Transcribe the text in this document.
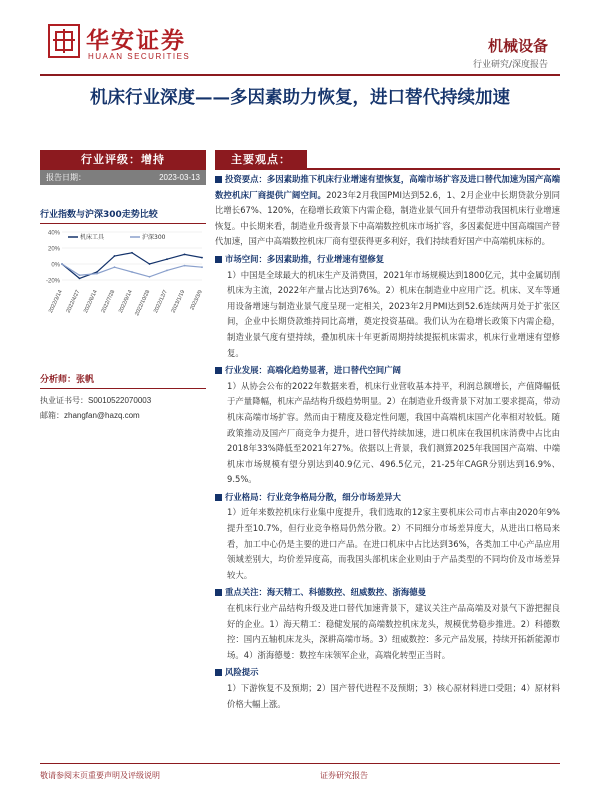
华安证券
HUAAN SECURITIES
机械设备
行业研究/深度报告
机床行业深度——多因素助力恢复，进口替代持续加速
行业评级：增持
报告日期：	2023-03-13
行业指数与沪深300走势比较
40%
20%
0%
-20%
机床工具	沪深300
2022/3/14 2022/4/27 2022/6/14 2022/7/28 2022/9/14 2022/10/28 2022/12/7 2023/1/19 2023/3/9
分析师：张帆
执业证书号：S0010522070003
邮箱：zhangfan@hazq.com
主要观点：
投资要点：多因素助推下机床行业增速有望恢复，高端市场扩容及进口替代加速为国产高端数控机床厂商提供广阔空间。2023年2月我国PMI达到52.6，1、2月企业中长期贷款分别同比增长67%、120%，在稳增长政策下内需企稳，制造业景气回升有望带动我国机床行业增速恢复。中长期来看，制造业升级背景下中高端数控机床市场扩容，多因素促进中国高端国产替代加速，国产中高端数控机床厂商有望获得更多利好，我们持续看好国产中高端机床标的。
市场空间：多因素助推，行业增速有望修复
1）中国是全球最大的机床生产及消费国，2021年市场规模达到1800亿元，其中金属切削机床为主流，2022年产量占比达到76%。2）机床在制造业中应用广泛。机床、叉车等通用设备增速与制造业景气度呈现一定相关，2023年2月PMI达到52.6连续两月处于扩张区间，企业中长期贷款维持同比高增，奠定投资基础。我们认为在稳增长政策下内需企稳，制造业景气度有望持续，叠加机床十年更新周期持续提振机床需求，机床行业增速有望修复。
行业发展：高端化趋势显著，进口替代空间广阔
1）从协会公布的2022年数据来看，机床行业营收基本持平，利润总额增长，产值降幅低于产量降幅，机床产品结构升级趋势明显。2）在制造业升级背景下对加工要求提高，带动机床高端市场扩容。然而由于精度及稳定性问题，我国中高端机床国产化率相对较低。随政策推动及国产厂商竞争力提升，进口替代持续加速，进口机床在我国机床消费中占比由2018年33%降低至2021年27%。依据以上背景，我们测算2025年我国国产高端、中端机床市场规模有望分别达到40.9亿元、496.5亿元，21-25年CAGR分别达到16.9%、9.5%。
行业格局：行业竞争格局分散，细分市场差异大
1）近年来数控机床行业集中度提升，我们选取的12家主要机床公司市占率由2020年9%提升至10.7%，但行业竞争格局仍然分散。2）不同细分市场差异度大，从进出口格局来看，加工中心仍是主要的进口产品。在进口机床中占比达到36%，各类加工中心产品应用领域差别大，均价差异度高，而我国头部机床企业则由于产品类型的不同均价及市场差异较大。
重点关注：海天精工、科德数控、纽威数控、浙海德曼
在机床行业产品结构升级及进口替代加速背景下，建议关注产品高端及对景气下游把握良好的企业。1）海天精工：稳健发展的高端数控机床龙头，规模优势稳步推进。2）科德数控：国内五轴机床龙头，深耕高端市场。3）纽威数控：多元产品发展，持续开拓新能源市场。4）浙海德曼：数控车床领军企业，高端化转型正当时。
风险提示
1）下游恢复不及预期；2）国产替代进程不及预期；3）核心原材料进口受阻；4）原材料价格大幅上涨。
敬请参阅末页重要声明及评级说明	证券研究报告
